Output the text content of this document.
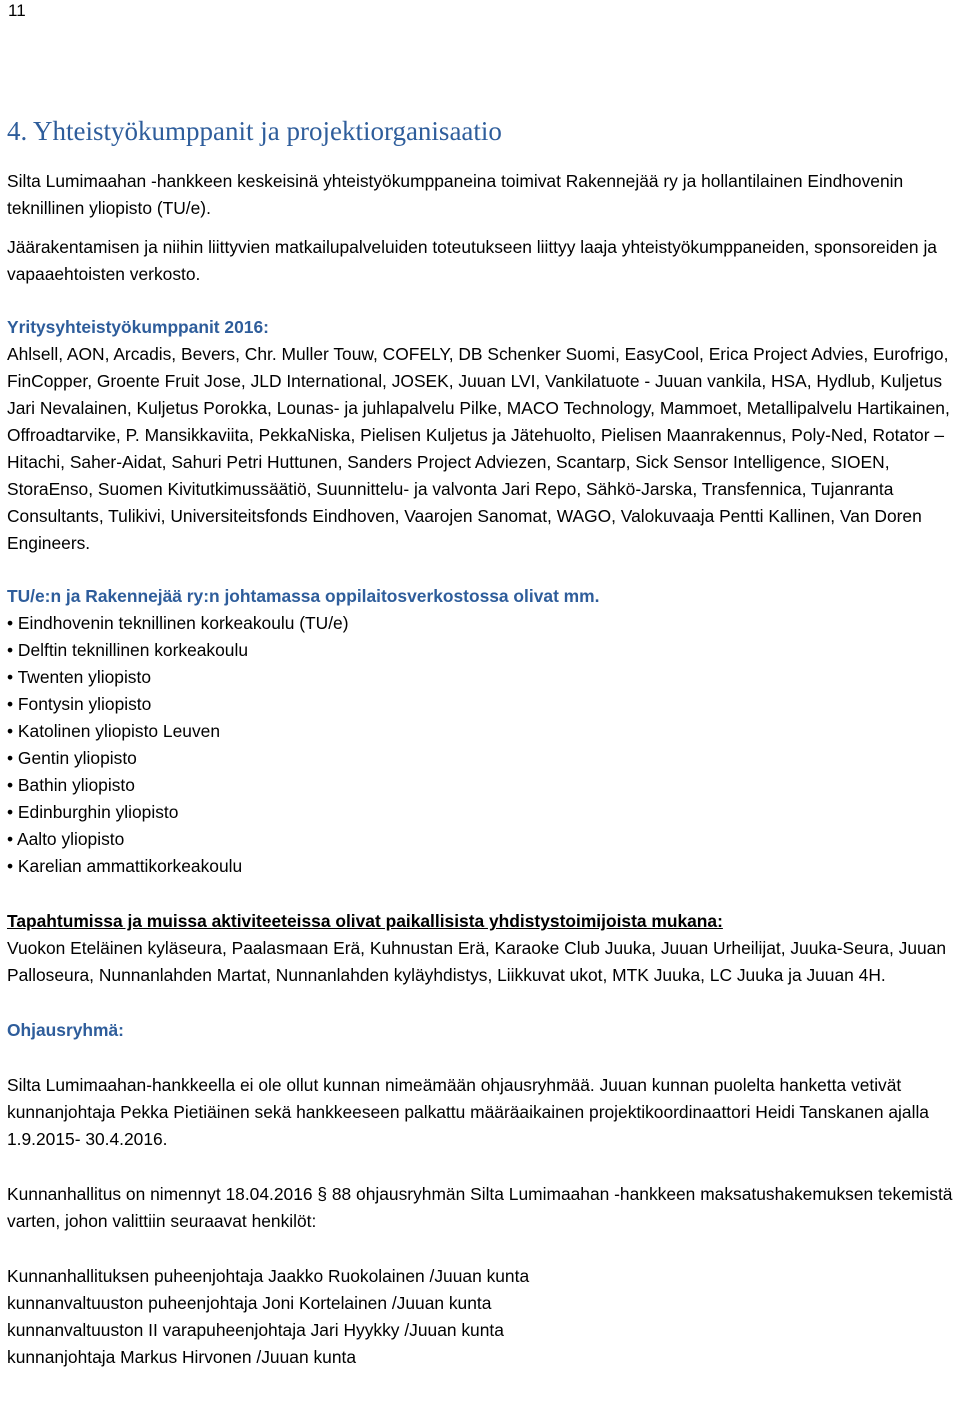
11
4. Yhteistyökumppanit ja projektiorganisaatio

Silta Lumimaahan -hankkeen keskeisinä yhteistyökumppaneina toimivat Rakennejää ry ja hollantilainen Eindhovenin teknillinen yliopisto (TU/e).

Jäärakentamisen ja niihin liittyvien matkailupalveluiden toteutukseen liittyy laaja yhteistyökumppaneiden, sponsoreiden ja vapaaehtoisten verkosto.

Yritysyhteistyökumppanit 2016:

Ahlsell, AON, Arcadis, Bevers, Chr. Muller Touw, COFELY, DB Schenker Suomi, EasyCool, Erica Project Advies, Eurofrigo, FinCopper, Groente Fruit Jose, JLD International, JOSEK, Juuan LVI, Vankilatuote - Juuan vankila, HSA, Hydlub, Kuljetus Jari Nevalainen, Kuljetus Porokka, Lounas- ja juhlapalvelu Pilke, MACO Technology, Mammoet, Metallipalvelu Hartikainen, Offroadtarvike, P. Mansikkaviita, PekkaNiska, Pielisen Kuljetus ja Jätehuolto, Pielisen Maanrakennus, Poly-Ned, Rotator – Hitachi, Saher-Aidat, Sahuri Petri Huttunen, Sanders Project Adviezen, Scantarp, Sick Sensor Intelligence, SIOEN, StoraEnso, Suomen Kivitutkimussäätiö, Suunnittelu- ja valvonta Jari Repo, Sähkö-Jarska, Transfennica, Tujanranta Consultants, Tulikivi, Universiteitsfonds Eindhoven, Vaarojen Sanomat, WAGO, Valokuvaaja Pentti Kallinen, Van Doren Engineers.

TU/e:n ja Rakennejää ry:n johtamassa oppilaitosverkostossa olivat mm.

• Eindhovenin teknillinen korkeakoulu (TU/e)
• Delftin teknillinen korkeakoulu
• Twenten yliopisto
• Fontysin yliopisto
• Katolinen yliopisto Leuven
• Gentin yliopisto
• Bathin yliopisto
• Edinburghin yliopisto
• Aalto yliopisto
• Karelian ammattikorkeakoulu

Tapahtumissa ja muissa aktiviteeteissa olivat paikallisista yhdistystoimijoista mukana:

Vuokon Eteläinen kyläseura, Paalasmaan Erä, Kuhnustan Erä, Karaoke Club Juuka, Juuan Urheilijat, Juuka-Seura, Juuan Palloseura, Nunnanlahden Martat, Nunnanlahden kyläyhdistys, Liikkuvat ukot, MTK Juuka, LC Juuka ja Juuan 4H.

Ohjausryhmä:

Silta Lumimaahan-hankkeella ei ole ollut kunnan nimeämään ohjausryhmää. Juuan kunnan puolelta hanketta vetivät kunnanjohtaja Pekka Pietiäinen sekä hankkeeseen palkattu määräaikainen projektikoordinaattori Heidi Tanskanen ajalla 1.9.2015- 30.4.2016.

Kunnanhallitus on nimennyt 18.04.2016 § 88 ohjausryhmän Silta Lumimaahan -hankkeen maksatushakemuksen tekemistä varten, johon valittiin seuraavat henkilöt:

Kunnanhallituksen puheenjohtaja Jaakko Ruokolainen /Juuan kunta

kunnanvaltuuston puheenjohtaja Joni Kortelainen /Juuan kunta

kunnanvaltuuston II varapuheenjohtaja Jari Hyykky /Juuan kunta

kunnanjohtaja Markus Hirvonen /Juuan kunta
